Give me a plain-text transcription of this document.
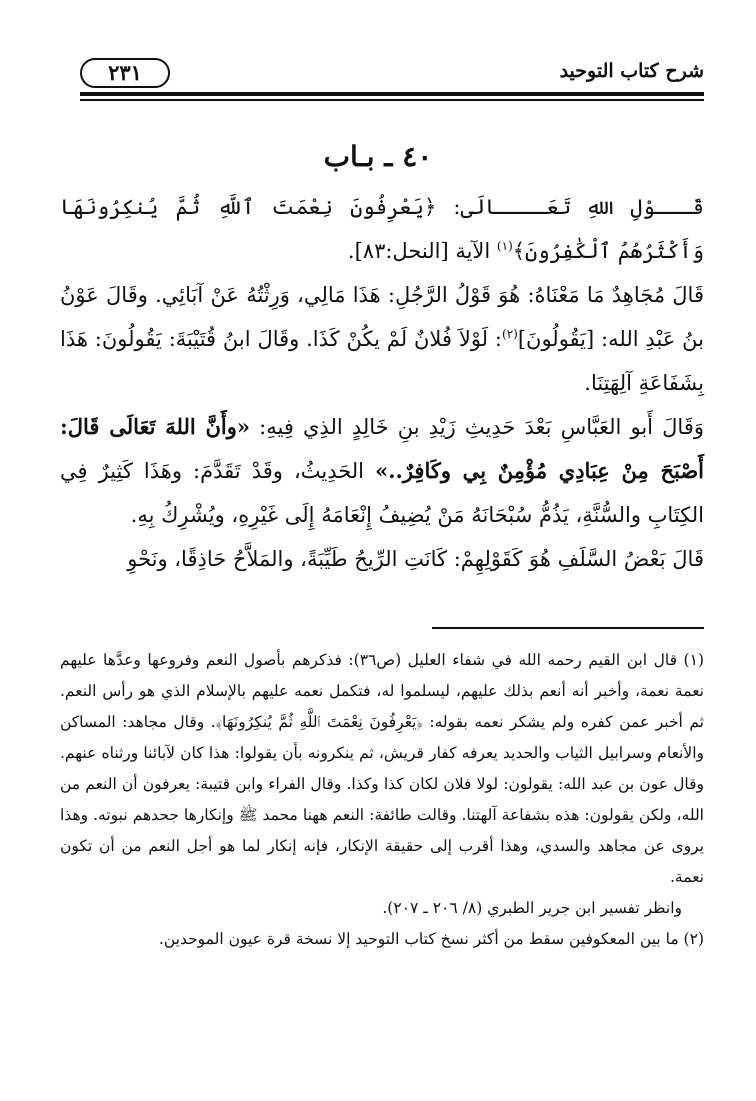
شرح كتاب التوحيد
٢٣١
٤٠ ـ بـاب

قَـــوْلِ اللهِ تَعَــــالَى: ﴿يَعْرِفُونَ نِعْمَتَ ٱللَّهِ ثُمَّ يُنكِرُونَهَا وَأَكْثَرُهُمُ ٱلْكَٰفِرُونَ﴾$^{(١)}$ الآية [النحل:٨٣].

قَالَ مُجَاهِدٌ مَا مَعْنَاهُ: هُوَ قَوْلُ الرَّجُلِ: هَذَا مَالِي، وَرِثْتُهُ عَنْ آبَائِي. وقَالَ عَوْنُ بنُ عَبْدِ الله: [يَقُولُونَ]$^{(٢)}$: لَوْلاَ فُلانٌ لَمْ يكُنْ كَذَا. وقَالَ ابنُ قُتَيْبَةَ: يَقُولُونَ: هَذَا بِشَفَاعَةِ آلِهَتِنَا.

وَقَالَ أَبو العَبَّاسِ بَعْدَ حَدِيثِ زَيْدِ بنِ خَالِدٍ الذِي فِيهِ: «وأَنَّ اللهَ تَعَالَى قَالَ: أَصْبَحَ مِنْ عِبَادِي مُؤْمِنٌ بِي وكَافِرٌ..» الحَدِيثُ، وقَدْ تَقَدَّمَ: وهَذَا كَثِيرٌ فِي الكِتَابِ والسُّنَّةِ، يَذُمُّ سُبْحَانَهُ مَنْ يُضِيفُ إِنْعَامَهُ إِلَى غَيْرِهِ، ويُشْرِكُ بِهِ.

قَالَ بَعْضُ السَّلَفِ هُوَ كَقَوْلِهِمْ: كَانَتِ الرِّيحُ طَيِّبَةً، والمَلاَّحُ حَاذِقًا، ونَحْوِ

(١) قال ابن القيم رحمه الله في شفاء العليل (ص٣٦): فذكرهم بأصول النعم وفروعها وعدَّها عليهم نعمة نعمة، وأخبر أنه أنعم بذلك عليهم، ليسلموا له، فتكمل نعمه عليهم بالإسلام الذي هو رأس النعم. ثم أخبر عمن كفره ولم يشكر نعمه بقوله: ﴿يَعْرِفُونَ نِعْمَتَ ٱللَّهِ ثُمَّ يُنكِرُونَهَا﴾. وقال مجاهد: المساكن والأنعام وسرابيل الثياب والحديد يعرفه كفار قريش، ثم ينكرونه بأن يقولوا: هذا كان لآبائنا ورثناه عنهم. وقال عون بن عبد الله: يقولون: لولا فلان لكان كذا وكذا. وقال الفراء وابن قتيبة: يعرفون أن النعم من الله، ولكن يقولون: هذه بشفاعة آلهتنا. وقالت طائفة: النعم ههنا محمد ﷺ وإنكارها جحدهم نبوته. وهذا يروى عن مجاهد والسدي، وهذا أقرب إلى حقيقة الإنكار، فإنه إنكار لما هو أجل النعم من أن تكون نعمة.

وانظر تفسير ابن جرير الطبري (٨/ ٢٠٦ ـ ٢٠٧).

(٢) ما بين المعكوفين سقط من أكثر نسخ كتاب التوحيد إلا نسخة قرة عيون الموحدين.
